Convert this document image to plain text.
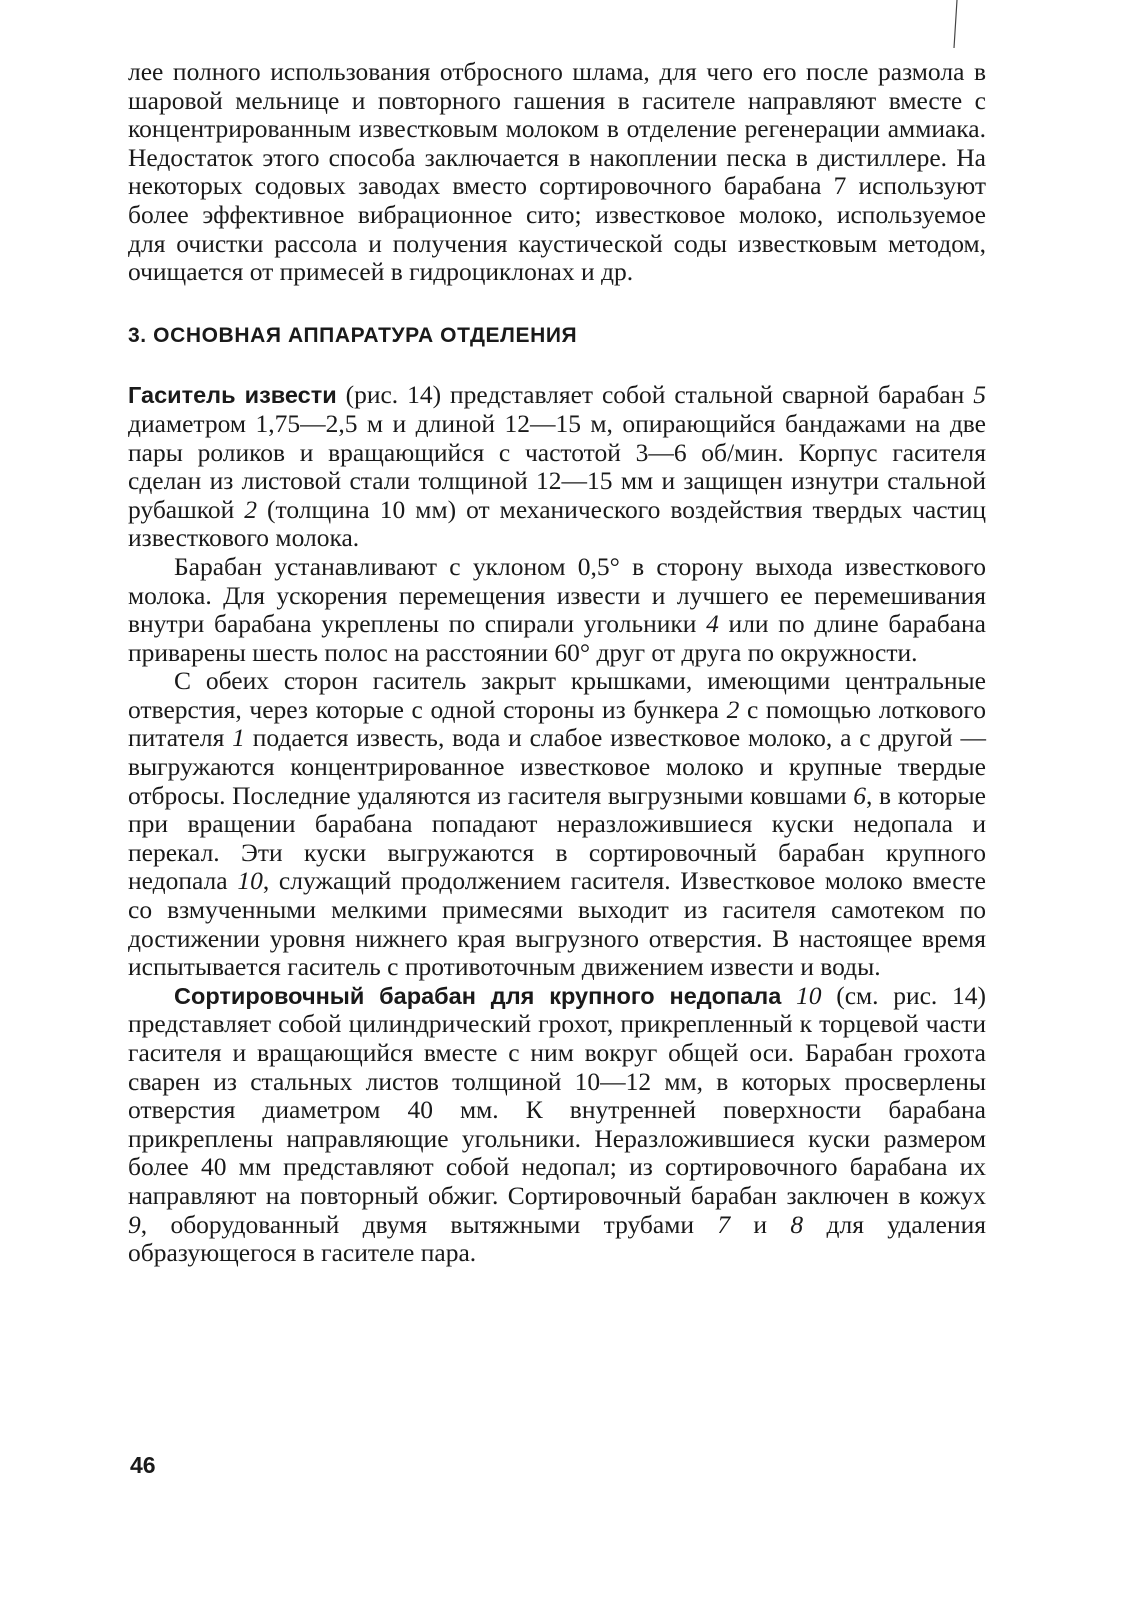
лее полного использования отбросного шлама, для чего его после размола в шаровой мельнице и повторного гашения в гасителе направляют вместе с концентрированным известковым молоком в отделение регенерации аммиака. Недостаток этого способа заключается в накоплении песка в дистиллере. На некоторых содовых заводах вместо сортировочного барабана 7 используют более эффективное вибрационное сито; известковое молоко, используемое для очистки рассола и получения каустической соды известковым методом, очищается от примесей в гидроциклонах и др.

3. ОСНОВНАЯ АППАРАТУРА ОТДЕЛЕНИЯ

Гаситель извести (рис. 14) представляет собой стальной сварной барабан 5 диаметром 1,75—2,5 м и длиной 12—15 м, опирающийся бандажами на две пары роликов и вращающийся с частотой 3—6 об/мин. Корпус гасителя сделан из листовой стали толщиной 12—15 мм и защищен изнутри стальной рубашкой 2 (толщина 10 мм) от механического воздействия твердых частиц известкового молока.

Барабан устанавливают с уклоном 0,5° в сторону выхода известкового молока. Для ускорения перемещения извести и лучшего ее перемешивания внутри барабана укреплены по спирали угольники 4 или по длине барабана приварены шесть полос на расстоянии 60° друг от друга по окружности.

С обеих сторон гаситель закрыт крышками, имеющими центральные отверстия, через которые с одной стороны из бункера 2 с помощью лоткового питателя 1 подается известь, вода и слабое известковое молоко, а с другой — выгружаются концентрированное известковое молоко и крупные твердые отбросы. Последние удаляются из гасителя выгрузными ковшами 6, в которые при вращении барабана попадают неразложившиеся куски недопала и перекал. Эти куски выгружаются в сортировочный барабан крупного недопала 10, служащий продолжением гасителя. Известковое молоко вместе со взмученными мелкими примесями выходит из гасителя самотеком по достижении уровня нижнего края выгрузного отверстия. В настоящее время испытывается гаситель с противоточным движением извести и воды.

Сортировочный барабан для крупного недопала 10 (см. рис. 14) представляет собой цилиндрический грохот, прикрепленный к торцевой части гасителя и вращающийся вместе с ним вокруг общей оси. Барабан грохота сварен из стальных листов толщиной 10—12 мм, в которых просверлены отверстия диаметром 40 мм. К внутренней поверхности барабана прикреплены направляющие угольники. Неразложившиеся куски размером более 40 мм представляют собой недопал; из сортировочного барабана их направляют на повторный обжиг. Сортировочный барабан заключен в кожух 9, оборудованный двумя вытяжными трубами 7 и 8 для удаления образующегося в гасителе пара.

46
